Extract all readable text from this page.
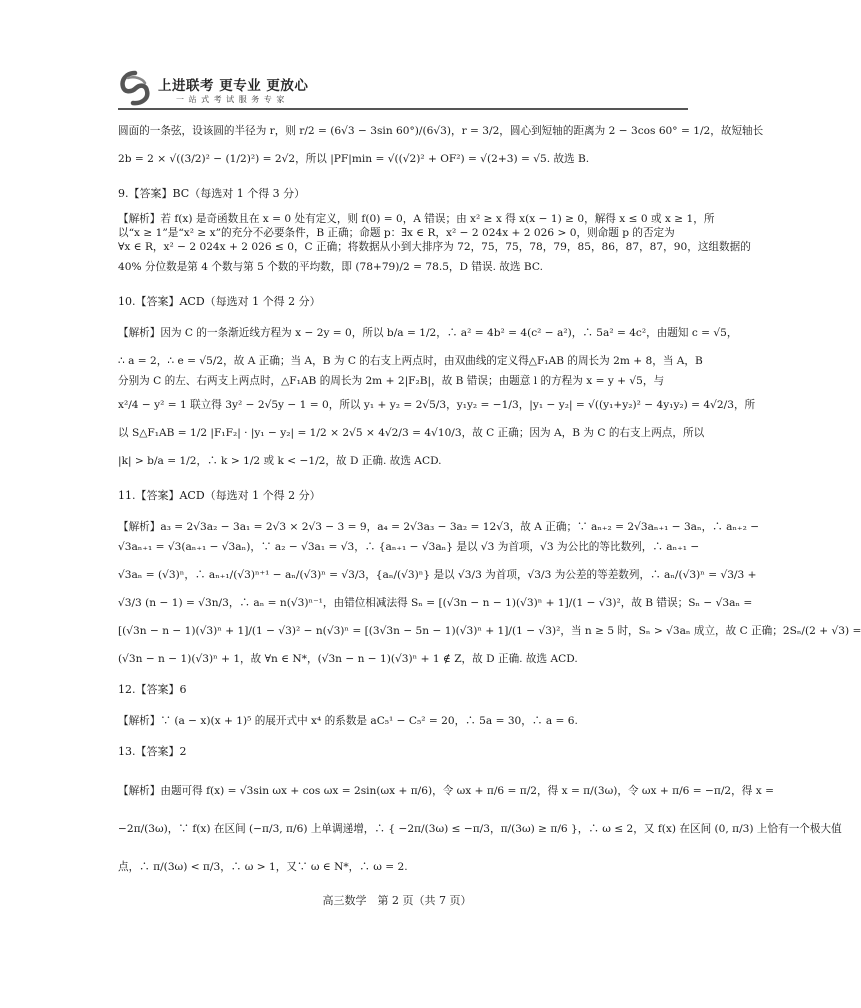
上进联考 更专业 更放心
一 站 式 考 试 服 务 专 家

圆面的一条弦，设该圆的半径为 r，则 r/2 = (6√3 − 3sin 60°)/(6√3)，r = 3/2，圆心到短轴的距离为 2 − 3cos 60° = 1/2，故短轴长

2b = 2 × √((3/2)² − (1/2)²) = 2√2，所以 |PF|min = √((√2)² + OF²) = √(2+3) = √5. 故选 B.

9.【答案】BC（每选对 1 个得 3 分）

【解析】若 f(x) 是奇函数且在 x = 0 处有定义，则 f(0) = 0，A 错误；由 x² ≥ x 得 x(x − 1) ≥ 0，解得 x ≤ 0 或 x ≥ 1，所

以“x ≥ 1”是“x² ≥ x”的充分不必要条件，B 正确；命题 p：∃x ∈ R，x² − 2 024x + 2 026 > 0，则命题 p 的否定为

∀x ∈ R，x² − 2 024x + 2 026 ≤ 0，C 正确；将数据从小到大排序为 72，75，75，78，79，85，86，87，87，90，这组数据的

40% 分位数是第 4 个数与第 5 个数的平均数，即 (78+79)/2 = 78.5，D 错误. 故选 BC.

10.【答案】ACD（每选对 1 个得 2 分）

【解析】因为 C 的一条渐近线方程为 x − 2y = 0，所以 b/a = 1/2，∴ a² = 4b² = 4(c² − a²)，∴ 5a² = 4c²，由题知 c = √5，

∴ a = 2，∴ e = √5/2，故 A 正确；当 A，B 为 C 的右支上两点时，由双曲线的定义得△F₁AB 的周长为 2m + 8，当 A，B

分别为 C 的左、右两支上两点时，△F₁AB 的周长为 2m + 2|F₂B|，故 B 错误；由题意 l 的方程为 x = y + √5，与

x²/4 − y² = 1 联立得 3y² − 2√5y − 1 = 0，所以 y₁ + y₂ = 2√5/3，y₁y₂ = −1/3，|y₁ − y₂| = √((y₁+y₂)² − 4y₁y₂) = 4√2/3，所

以 S△F₁AB = 1/2 |F₁F₂| · |y₁ − y₂| = 1/2 × 2√5 × 4√2/3 = 4√10/3，故 C 正确；因为 A，B 为 C 的右支上两点，所以

|k| > b/a = 1/2，∴ k > 1/2 或 k < −1/2，故 D 正确. 故选 ACD.

11.【答案】ACD（每选对 1 个得 2 分）

【解析】a₃ = 2√3a₂ − 3a₁ = 2√3 × 2√3 − 3 = 9，a₄ = 2√3a₃ − 3a₂ = 12√3，故 A 正确；∵ aₙ₊₂ = 2√3aₙ₊₁ − 3aₙ，∴ aₙ₊₂ −

√3aₙ₊₁ = √3(aₙ₊₁ − √3aₙ)，∵ a₂ − √3a₁ = √3，∴ {aₙ₊₁ − √3aₙ} 是以 √3 为首项，√3 为公比的等比数列，∴ aₙ₊₁ −

√3aₙ = (√3)ⁿ，∴ aₙ₊₁/(√3)ⁿ⁺¹ − aₙ/(√3)ⁿ = √3/3，{aₙ/(√3)ⁿ} 是以 √3/3 为首项，√3/3 为公差的等差数列，∴ aₙ/(√3)ⁿ = √3/3 +

√3/3 (n − 1) = √3n/3，∴ aₙ = n(√3)ⁿ⁻¹，由错位相减法得 Sₙ = [(√3n − n − 1)(√3)ⁿ + 1]/(1 − √3)²，故 B 错误；Sₙ − √3aₙ =

[(√3n − n − 1)(√3)ⁿ + 1]/(1 − √3)² − n(√3)ⁿ = [(3√3n − 5n − 1)(√3)ⁿ + 1]/(1 − √3)²，当 n ≥ 5 时，Sₙ > √3aₙ 成立，故 C 正确；2Sₙ/(2 + √3) =

(√3n − n − 1)(√3)ⁿ + 1，故 ∀n ∈ N*，(√3n − n − 1)(√3)ⁿ + 1 ∉ Z，故 D 正确. 故选 ACD.

12.【答案】6

【解析】∵ (a − x)(x + 1)⁵ 的展开式中 x⁴ 的系数是 aC₅¹ − C₅² = 20，∴ 5a = 30，∴ a = 6.

13.【答案】2

【解析】由题可得 f(x) = √3sin ωx + cos ωx = 2sin(ωx + π/6)，令 ωx + π/6 = π/2，得 x = π/(3ω)，令 ωx + π/6 = −π/2，得 x =

−2π/(3ω)，∵ f(x) 在区间 (−π/3, π/6) 上单调递增，∴ { −2π/(3ω) ≤ −π/3，π/(3ω) ≥ π/6 }，∴ ω ≤ 2，又 f(x) 在区间 (0, π/3) 上恰有一个极大值

点，∴ π/(3ω) < π/3，∴ ω > 1，又∵ ω ∈ N*，∴ ω = 2.

高三数学　第 2 页（共 7 页）
